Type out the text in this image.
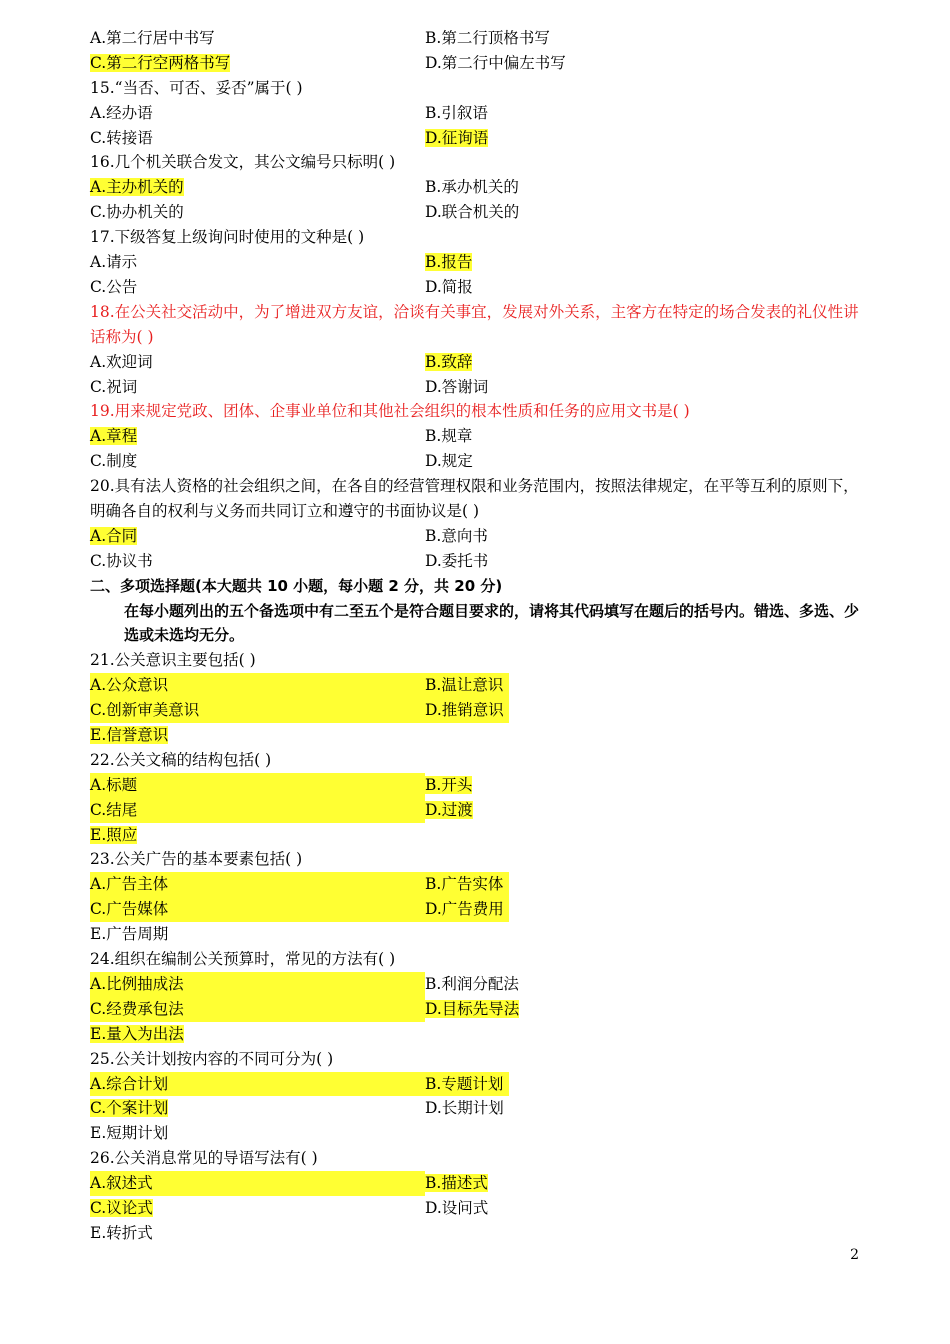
A.第二行居中书写	B.第二行顶格书写
C.第二行空两格书写	D.第二行中偏左书写
15.“当否、可否、妥否”属于( )
A.经办语	B.引叙语
C.转接语	D.征询语
16.几个机关联合发文，其公文编号只标明( )
A.主办机关的	B.承办机关的
C.协办机关的	D.联合机关的
17.下级答复上级询问时使用的文种是( )
A.请示	B.报告
C.公告	D.简报
18.在公关社交活动中，为了增进双方友谊，洽谈有关事宜，发展对外关系，主客方在特定的场合发表的礼仪性讲话称为( )
A.欢迎词	B.致辞
C.祝词	D.答谢词
19.用来规定党政、团体、企事业单位和其他社会组织的根本性质和任务的应用文书是( )
A.章程	B.规章
C.制度	D.规定
20.具有法人资格的社会组织之间，在各自的经营管理权限和业务范围内，按照法律规定，在平等互利的原则下，明确各自的权利与义务而共同订立和遵守的书面协议是( )
A.合同	B.意向书
C.协议书	D.委托书
二、多项选择题(本大题共 10 小题，每小题 2 分，共 20 分)
在每小题列出的五个备选项中有二至五个是符合题目要求的，请将其代码填写在题后的括号内。错选、多选、少选或未选均无分。
21.公关意识主要包括( )
A.公众意识	B.温让意识
C.创新审美意识	D.推销意识
E.信誉意识
22.公关文稿的结构包括( )
A.标题	B.开头
C.结尾	D.过渡
E.照应
23.公关广告的基本要素包括( )
A.广告主体	B.广告实体
C.广告媒体	D.广告费用
E.广告周期
24.组织在编制公关预算时，常见的方法有( )
A.比例抽成法	B.利润分配法
C.经费承包法	D.目标先导法
E.量入为出法
25.公关计划按内容的不同可分为( )
A.综合计划	B.专题计划
C.个案计划	D.长期计划
E.短期计划
26.公关消息常见的导语写法有( )
A.叙述式	B.描述式
C.议论式	D.设问式
E.转折式
2
